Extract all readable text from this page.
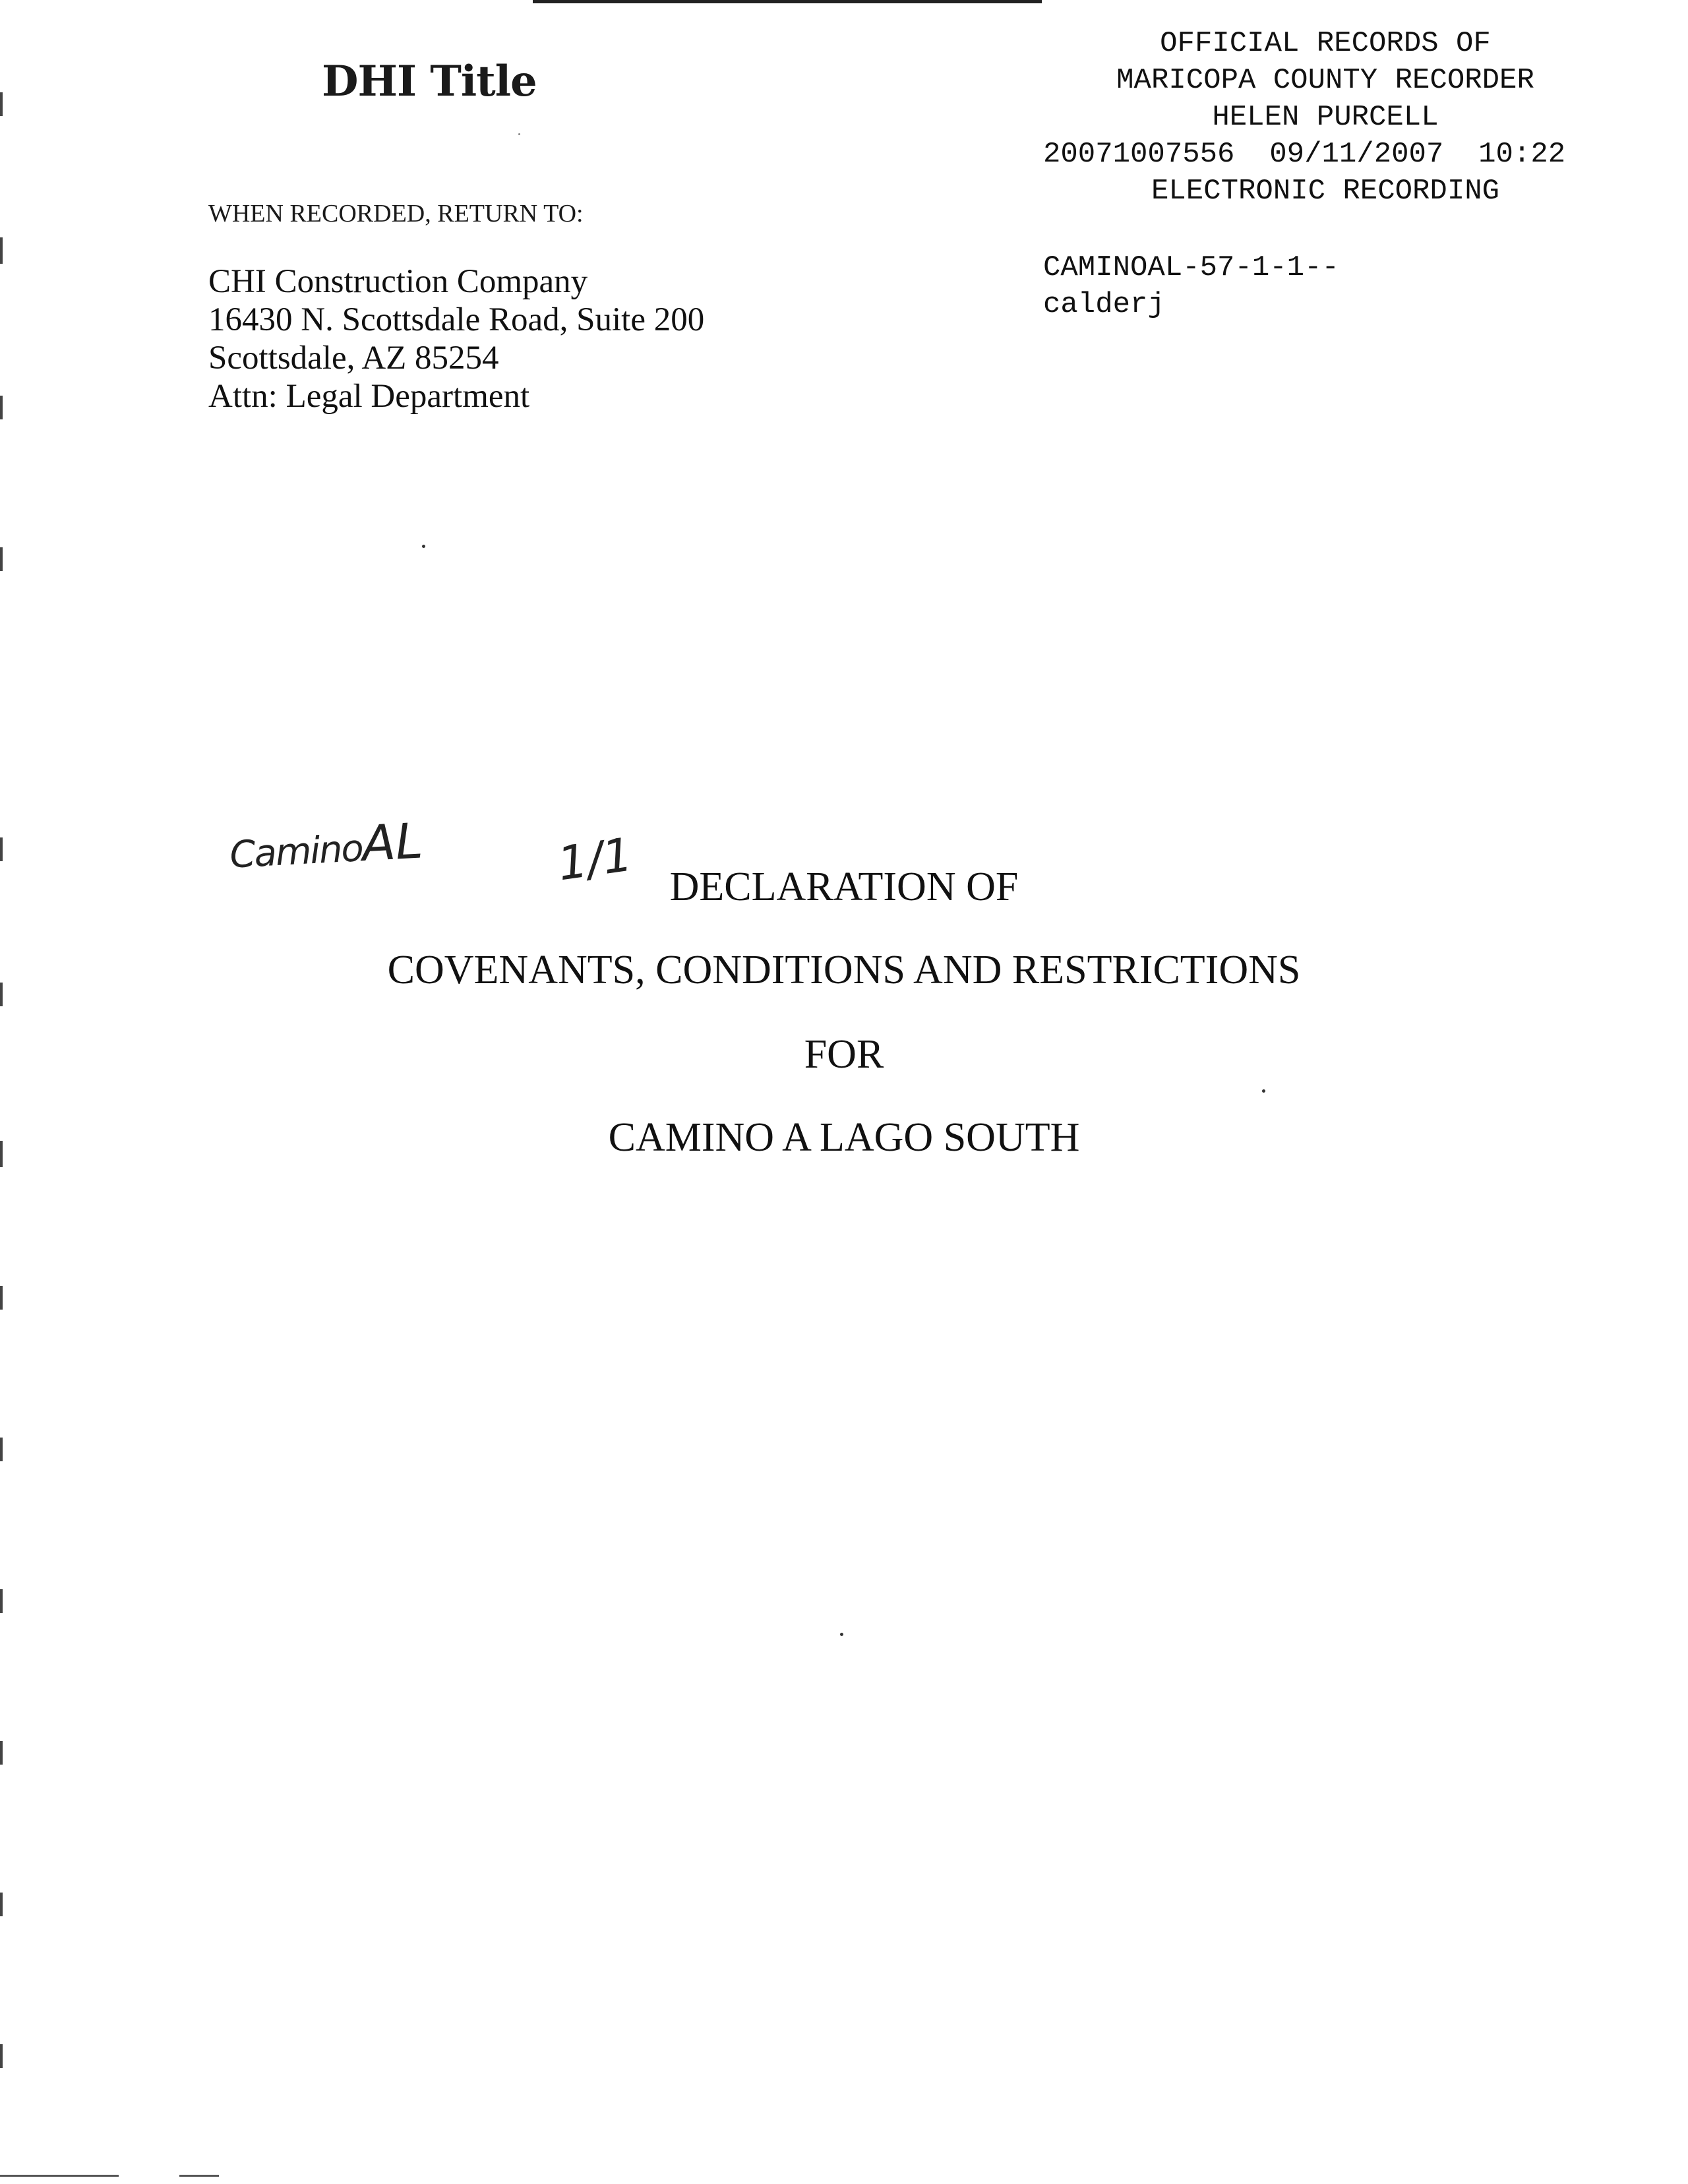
DHI Title
WHEN RECORDED, RETURN TO:
CHI Construction Company
16430 N. Scottsdale Road, Suite 200
Scottsdale, AZ 85254
Attn: Legal Department
OFFICIAL RECORDS OF
MARICOPA COUNTY RECORDER
HELEN PURCELL
20071007556 09/11/2007 10:22
ELECTRONIC RECORDING
CAMINOAL-57-1-1--
calderj
CaminoAL	1/1 DECLARATION OF
COVENANTS, CONDITIONS AND RESTRICTIONS
FOR
CAMINO A LAGO SOUTH
